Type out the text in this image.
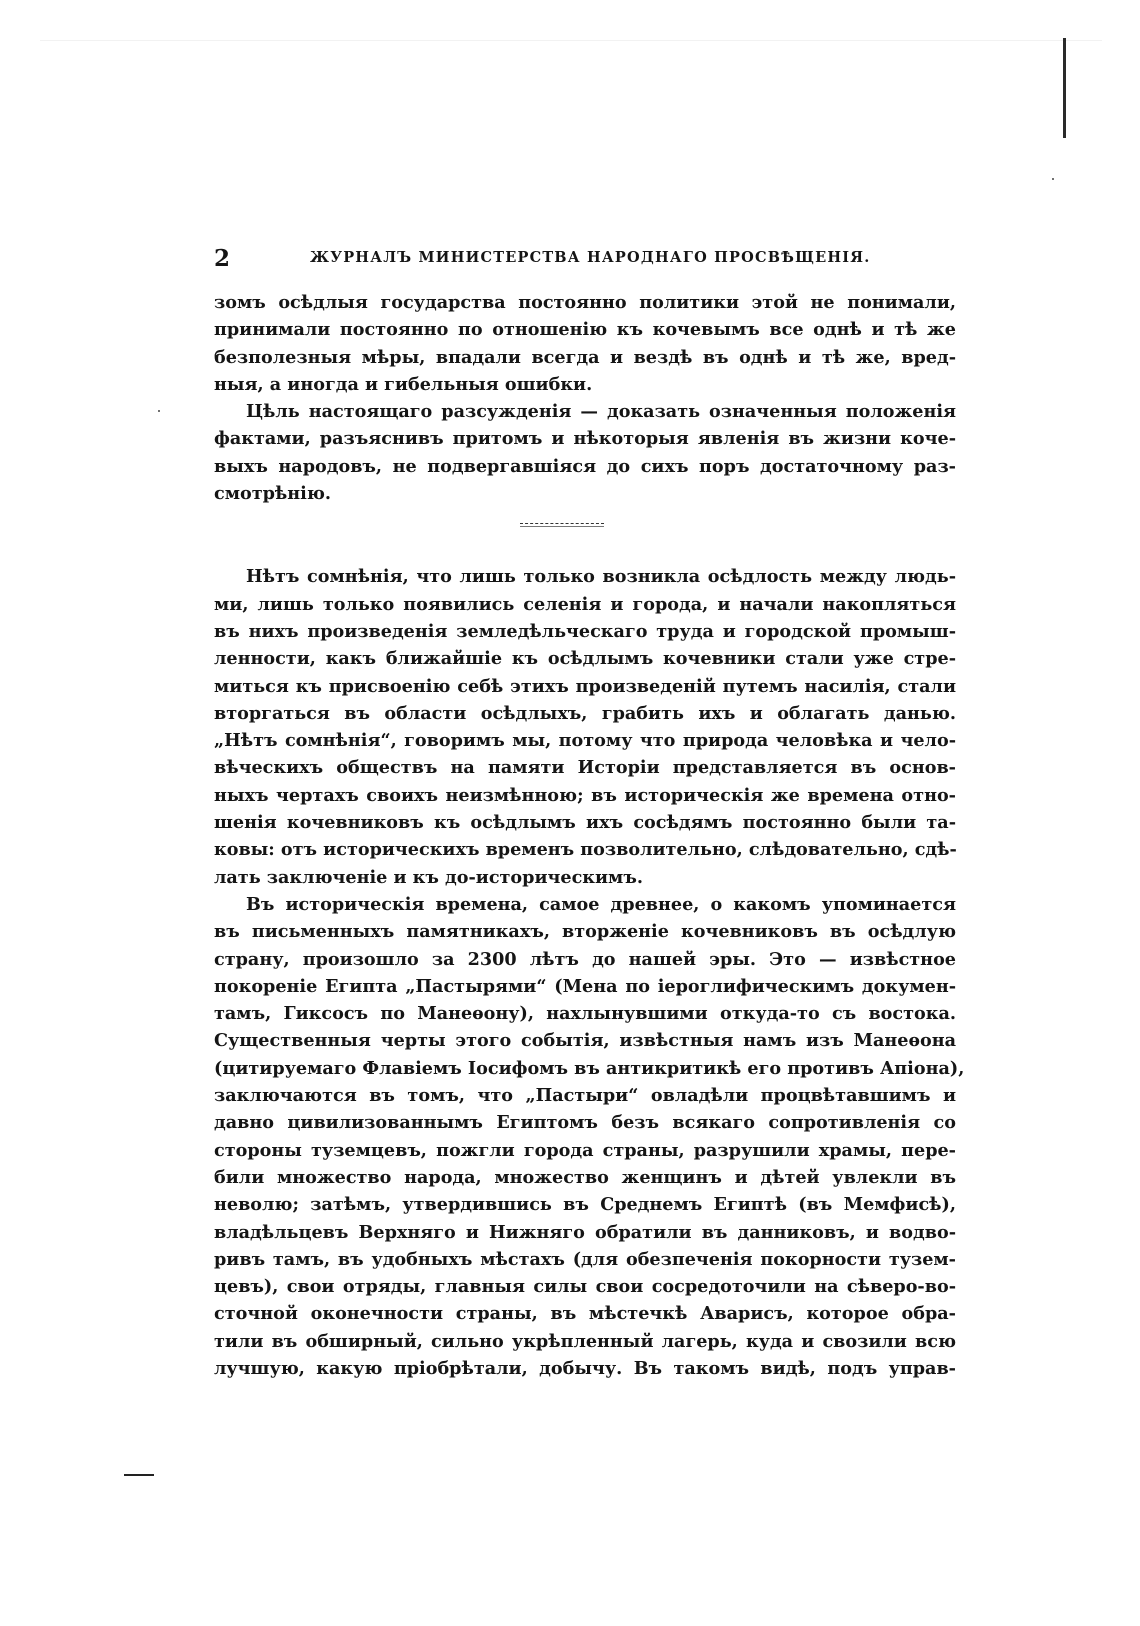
2	ЖУРНАЛЪ МИНИСТЕРСТВА НАРОДНАГО ПРОСВѢЩЕНІЯ.
зомъ осѣдлыя государства постоянно политики этой не понимали,
принимали постоянно по отношенію къ кочевымъ все однѣ и тѣ же
безполезныя мѣры, впадали всегда и вездѣ въ однѣ и тѣ же, вред-
ныя, а иногда и гибельныя ошибки.
Цѣль настоящаго разсужденія — доказать означенныя положенія
фактами, разъяснивъ притомъ и нѣкоторыя явленія въ жизни коче-
выхъ народовъ, не подвергавшіяся до сихъ поръ достаточному раз-
смотрѣнію.
Нѣтъ сомнѣнія, что лишь только возникла осѣдлость между людь-
ми, лишь только появились селенія и города, и начали накопляться
въ нихъ произведенія земледѣльческаго труда и городской промыш-
ленности, какъ ближайшіе къ осѣдлымъ кочевники стали уже стре-
миться къ присвоенію себѣ этихъ произведеній путемъ насилія, стали
вторгаться въ области осѣдлыхъ, грабить ихъ и облагать данью.
„Нѣтъ сомнѣнія“, говоримъ мы, потому что природа человѣка и чело-
вѣческихъ обществъ на памяти Исторіи представляется въ основ-
ныхъ чертахъ своихъ неизмѣнною; въ историческія же времена отно-
шенія кочевниковъ къ осѣдлымъ ихъ сосѣдямъ постоянно были та-
ковы: отъ историческихъ временъ позволительно, слѣдовательно, сдѣ-
лать заключеніе и къ до-историческимъ.
Въ историческія времена, самое древнее, о какомъ упоминается
въ письменныхъ памятникахъ, вторженіе кочевниковъ въ осѣдлую
страну, произошло за 2300 лѣтъ до нашей эры. Это — извѣстное
покореніе Египта „Пастырями“ (Мена по іероглифическимъ докумен-
тамъ, Гиксосъ по Манеѳону), нахлынувшими откуда-то съ востока.
Существенныя черты этого событія, извѣстныя намъ изъ Манеѳона
(цитируемаго Флавіемъ Іосифомъ въ антикритикѣ его противъ Апіона),
заключаются въ томъ, что „Пастыри“ овладѣли процвѣтавшимъ и
давно цивилизованнымъ Египтомъ безъ всякаго сопротивленія со
стороны туземцевъ, пожгли города страны, разрушили храмы, пере-
били множество народа, множество женщинъ и дѣтей увлекли въ
неволю; затѣмъ, утвердившись въ Среднемъ Египтѣ (въ Мемфисѣ),
владѣльцевъ Верхняго и Нижняго обратили въ данниковъ, и водво-
ривъ тамъ, въ удобныхъ мѣстахъ (для обезпеченія покорности тузем-
цевъ), свои отряды, главныя силы свои сосредоточили на сѣверо-во-
сточной оконечности страны, въ мѣстечкѣ Аварисъ, которое обра-
тили въ обширный, сильно укрѣпленный лагерь, куда и свозили всю
лучшую, какую пріобрѣтали, добычу. Въ такомъ видѣ, подъ управ-
